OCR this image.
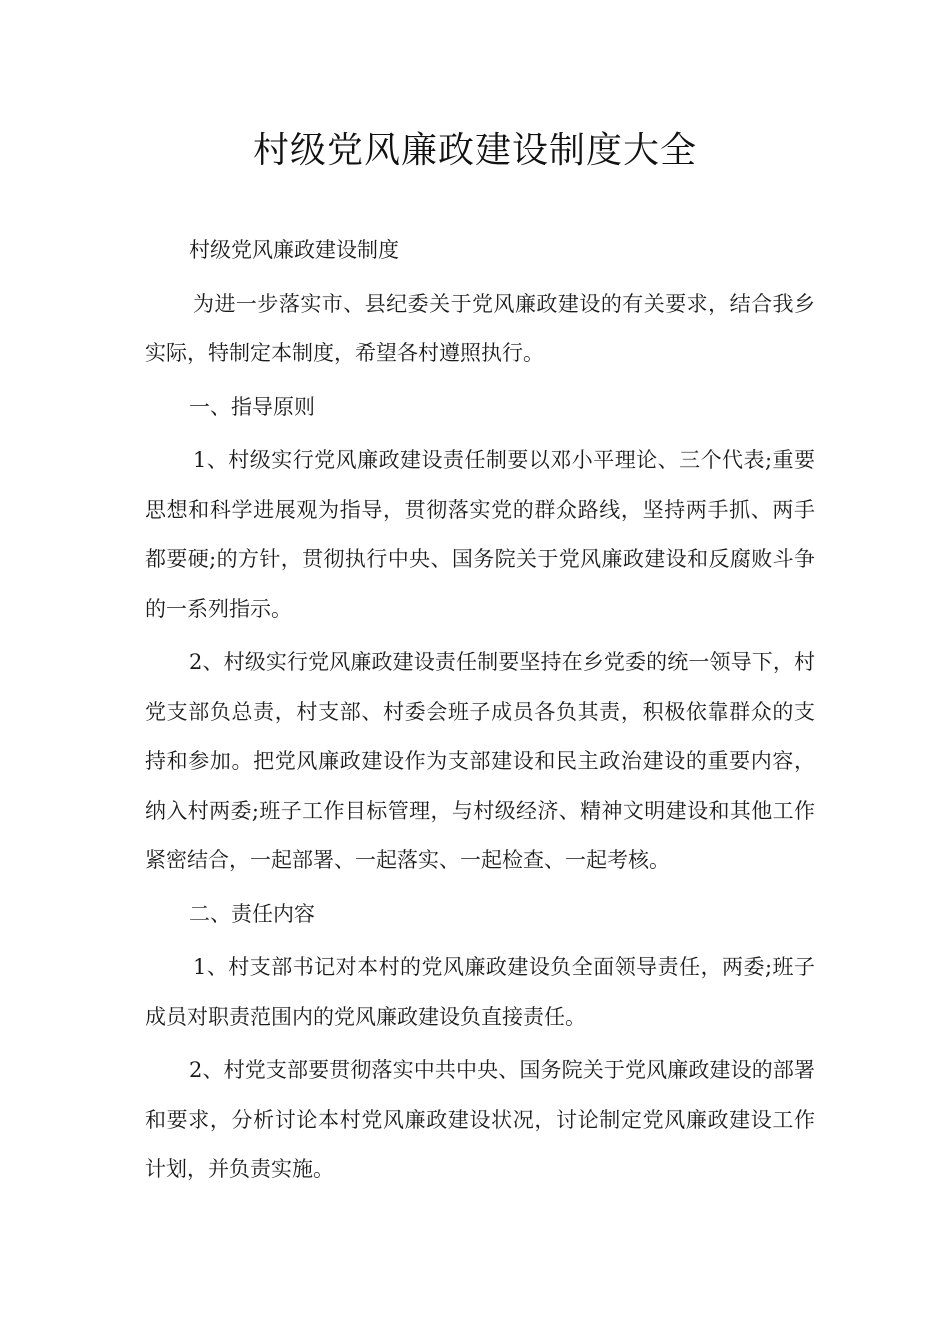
村级党风廉政建设制度大全

村级党风廉政建设制度

为进一步落实市、县纪委关于党风廉政建设的有关要求，结合我乡实际，特制定本制度，希望各村遵照执行。

一、指导原则

1、村级实行党风廉政建设责任制要以邓小平理论、三个代表;重要思想和科学进展观为指导，贯彻落实党的群众路线，坚持两手抓、两手都要硬;的方针，贯彻执行中央、国务院关于党风廉政建设和反腐败斗争的一系列指示。

2、村级实行党风廉政建设责任制要坚持在乡党委的统一领导下，村党支部负总责，村支部、村委会班子成员各负其责，积极依靠群众的支持和参加。把党风廉政建设作为支部建设和民主政治建设的重要内容，纳入村两委;班子工作目标管理，与村级经济、精神文明建设和其他工作紧密结合，一起部署、一起落实、一起检查、一起考核。

二、责任内容

1、村支部书记对本村的党风廉政建设负全面领导责任，两委;班子成员对职责范围内的党风廉政建设负直接责任。

2、村党支部要贯彻落实中共中央、国务院关于党风廉政建设的部署和要求，分析讨论本村党风廉政建设状况，讨论制定党风廉政建设工作计划，并负责实施。
